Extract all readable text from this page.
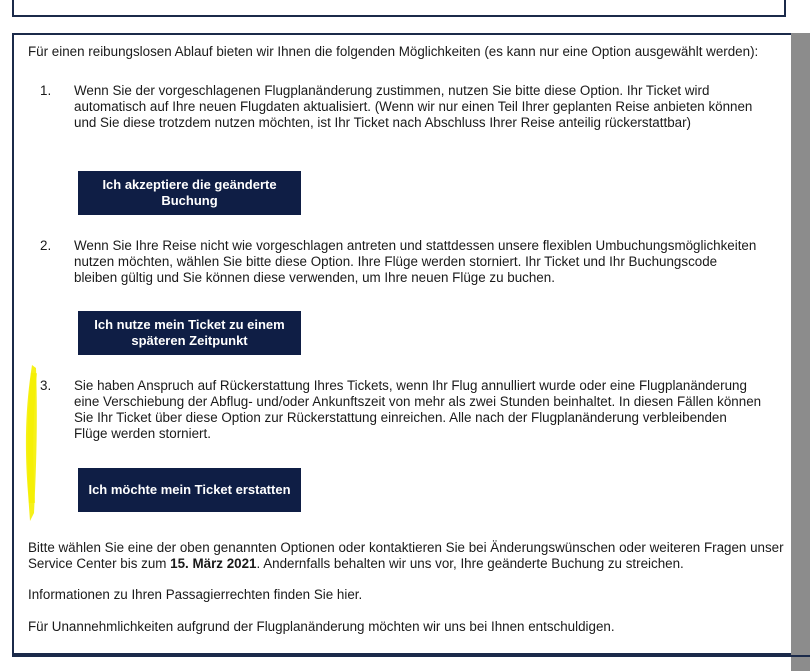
Für einen reibungslosen Ablauf bieten wir Ihnen die folgenden Möglichkeiten (es kann nur eine Option ausgewählt werden):
1. Wenn Sie der vorgeschlagenen Flugplanänderung zustimmen, nutzen Sie bitte diese Option. Ihr Ticket wird automatisch auf Ihre neuen Flugdaten aktualisiert. (Wenn wir nur einen Teil Ihrer geplanten Reise anbieten können und Sie diese trotzdem nutzen möchten, ist Ihr Ticket nach Abschluss Ihrer Reise anteilig rückerstattbar)
Ich akzeptiere die geänderte Buchung
2. Wenn Sie Ihre Reise nicht wie vorgeschlagen antreten und stattdessen unsere flexiblen Umbuchungsmöglichkeiten nutzen möchten, wählen Sie bitte diese Option. Ihre Flüge werden storniert. Ihr Ticket und Ihr Buchungscode bleiben gültig und Sie können diese verwenden, um Ihre neuen Flüge zu buchen.
Ich nutze mein Ticket zu einem späteren Zeitpunkt
3. Sie haben Anspruch auf Rückerstattung Ihres Tickets, wenn Ihr Flug annulliert wurde oder eine Flugplanänderung eine Verschiebung der Abflug- und/oder Ankunftszeit von mehr als zwei Stunden beinhaltet. In diesen Fällen können Sie Ihr Ticket über diese Option zur Rückerstattung einreichen. Alle nach der Flugplanänderung verbleibenden Flüge werden storniert.
Ich möchte mein Ticket erstatten
Bitte wählen Sie eine der oben genannten Optionen oder kontaktieren Sie bei Änderungswünschen oder weiteren Fragen unser Service Center bis zum 15. März 2021. Andernfalls behalten wir uns vor, Ihre geänderte Buchung zu streichen.
Informationen zu Ihren Passagierrechten finden Sie hier.
Für Unannehmlichkeiten aufgrund der Flugplanänderung möchten wir uns bei Ihnen entschuldigen.
